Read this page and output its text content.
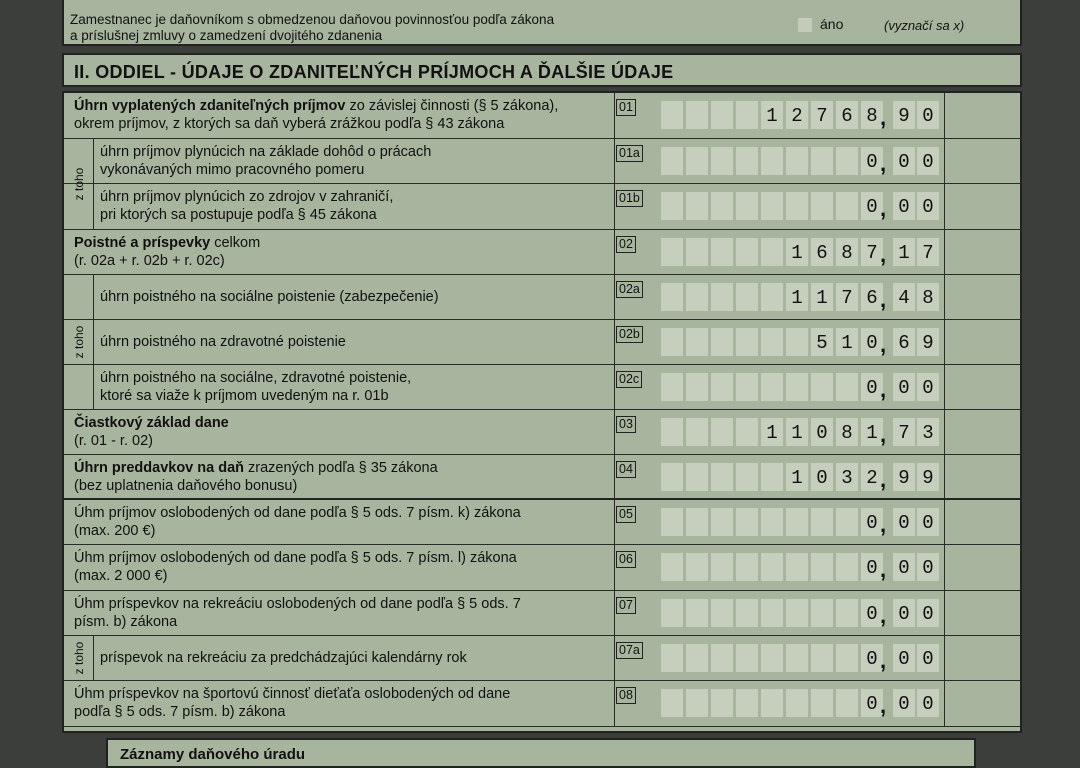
Zamestnanec je daňovníkom s obmedzenou daňovou povinnosťou podľa zákona
a príslušnej zmluvy o zamedzení dvojitého zdanenia
áno	(vyznačí sa x)
II. ODDIEL - ÚDAJE O ZDANITEĽNÝCH PRÍJMOCH A ĎALŠIE ÚDAJE
Úhrn vyplatených zdaniteľných príjmov zo závislej činnosti (§ 5 zákona),
okrem príjmov, z ktorých sa daň vyberá zrážkou podľa § 43 zákona
01	1 2 7 6 8 , 9 0
úhrn príjmov plynúcich na základe dohôd o prácach
vykonávaných mimo pracovného pomeru
01a	0 , 0 0
úhrn príjmov plynúcich zo zdrojov v zahraničí,
pri ktorých sa postupuje podľa § 45 zákona
01b	0 , 0 0
Poistné a príspevky celkom
(r. 02a + r. 02b + r. 02c)
02	1 6 8 7 , 1 7
úhrn poistného na sociálne poistenie (zabezpečenie)	02a	1 1 7 6 , 4 8
úhrn poistného na zdravotné poistenie	02b	5 1 0 , 6 9
úhrn poistného na sociálne, zdravotné poistenie,
ktoré sa viaže k príjmom uvedeným na r. 01b
02c	0 , 0 0
Čiastkový základ dane
(r. 01 - r. 02)
03	1 1 0 8 1 , 7 3
Úhrn preddavkov na daň zrazených podľa § 35 zákona
(bez uplatnenia daňového bonusu)
04	1 0 3 2 , 9 9
Úhm príjmov oslobodených od dane podľa § 5 ods. 7 písm. k) zákona
(max. 200 €)
05	0 , 0 0
Úhm príjmov oslobodených od dane podľa § 5 ods. 7 písm. l) zákona
(max. 2 000 €)
06	0 , 0 0
Úhm príspevkov na rekreáciu oslobodených od dane podľa § 5 ods. 7
písm. b) zákona
07	0 , 0 0
príspevok na rekreáciu za predchádzajúci kalendárny rok	07a	0 , 0 0
Úhm príspevkov na športovú činnosť dieťaťa oslobodených od dane
podľa § 5 ods. 7 písm. b) zákona
08	0 , 0 0
z toho
z toho
z toho
Záznamy daňového úradu
